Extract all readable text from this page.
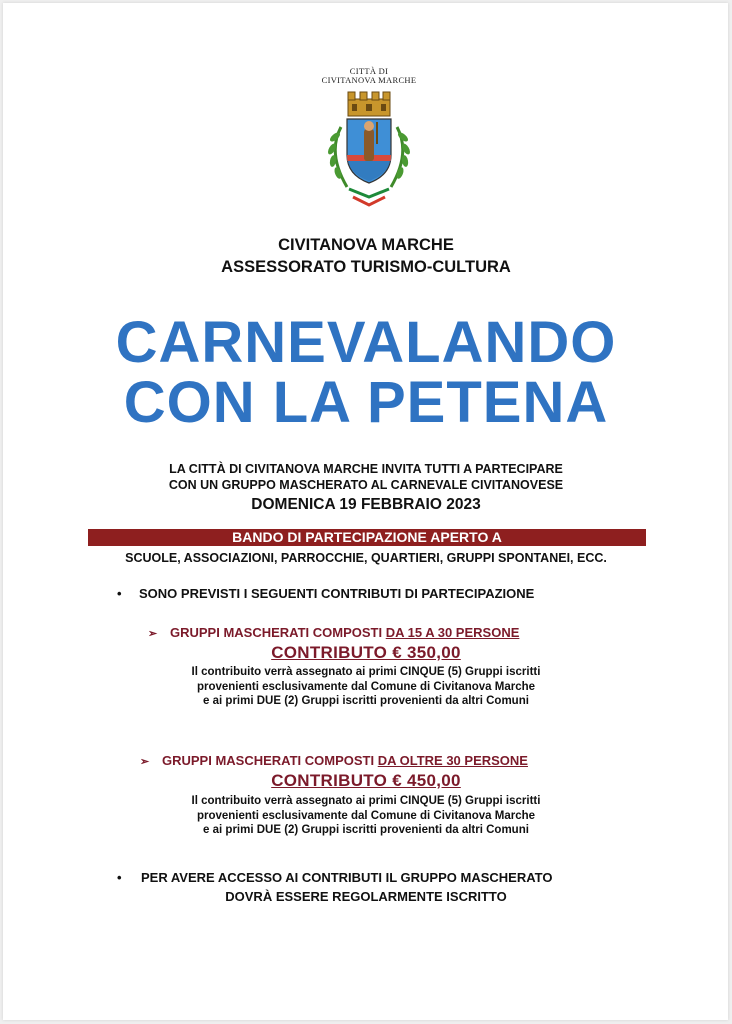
CITTÀ DI
CIVITANOVA MARCHE
CIVITANOVA MARCHE
ASSESSORATO TURISMO-CULTURA
CARNEVALANDO
CON LA PETENA
LA CITTÀ DI CIVITANOVA MARCHE INVITA TUTTI A PARTECIPARE
CON UN GRUPPO MASCHERATO AL CARNEVALE CIVITANOVESE
DOMENICA 19 FEBBRAIO 2023
BANDO DI PARTECIPAZIONE APERTO A
SCUOLE, ASSOCIAZIONI, PARROCCHIE, QUARTIERI, GRUPPI SPONTANEI, ECC.
• SONO PREVISTI I SEGUENTI CONTRIBUTI DI PARTECIPAZIONE
➢ GRUPPI MASCHERATI COMPOSTI DA 15 A 30 PERSONE
CONTRIBUTO € 350,00
Il contribuito verrà assegnato ai primi CINQUE (5) Gruppi iscritti
provenienti esclusivamente dal Comune di Civitanova Marche
e ai primi DUE (2) Gruppi iscritti provenienti da altri Comuni
➢ GRUPPI MASCHERATI COMPOSTI DA OLTRE 30 PERSONE
CONTRIBUTO € 450,00
Il contribuito verrà assegnato ai primi CINQUE (5) Gruppi iscritti
provenienti esclusivamente dal Comune di Civitanova Marche
e ai primi DUE (2) Gruppi iscritti provenienti da altri Comuni
• PER AVERE ACCESSO AI CONTRIBUTI IL GRUPPO MASCHERATO
DOVRÀ ESSERE REGOLARMENTE ISCRITTO
